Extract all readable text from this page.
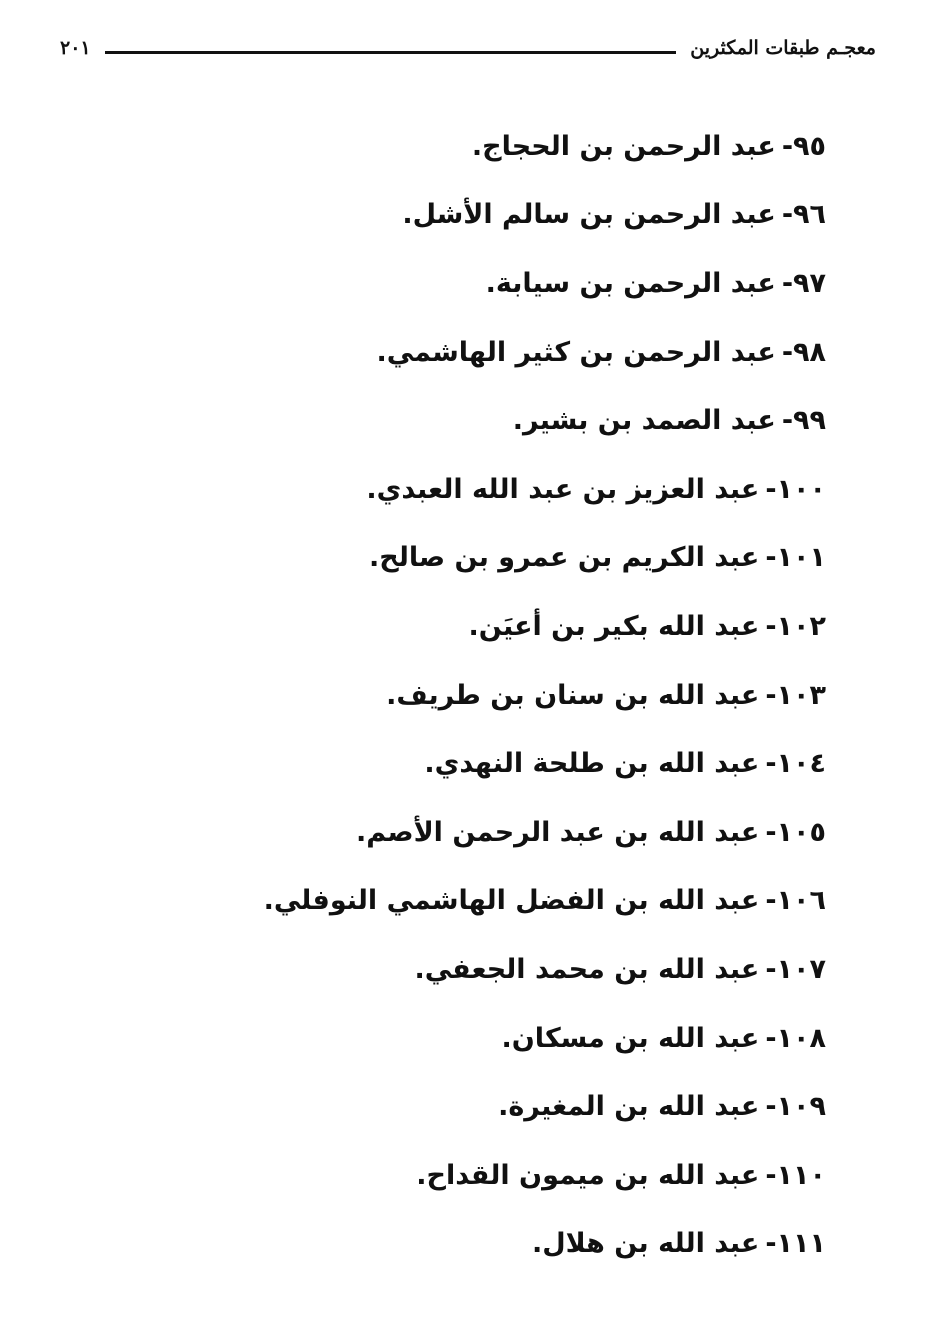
معجـم طبقات المكثرين
٢٠١
٩٥-
عبد الرحمن بن الحجاج.
٩٦-
عبد الرحمن بن سالم الأشل.
٩٧-
عبد الرحمن بن سيابة.
٩٨-
عبد الرحمن بن كثير الهاشمي.
٩٩-
عبد الصمد بن بشير.
١٠٠-
عبد العزيز بن عبد الله العبدي.
١٠١-
عبد الكريم بن عمرو بن صالح.
١٠٢-
عبد الله بكير بن أعيَن.
١٠٣-
عبد الله بن سنان بن طريف.
١٠٤-
عبد الله بن طلحة النهدي.
١٠٥-
عبد الله بن عبد الرحمن الأصم.
١٠٦-
عبد الله بن الفضل الهاشمي النوفلي.
١٠٧-
عبد الله بن محمد الجعفي.
١٠٨-
عبد الله بن مسكان.
١٠٩-
عبد الله بن المغيرة.
١١٠-
عبد الله بن ميمون القداح.
١١١-
عبد الله بن هلال.
